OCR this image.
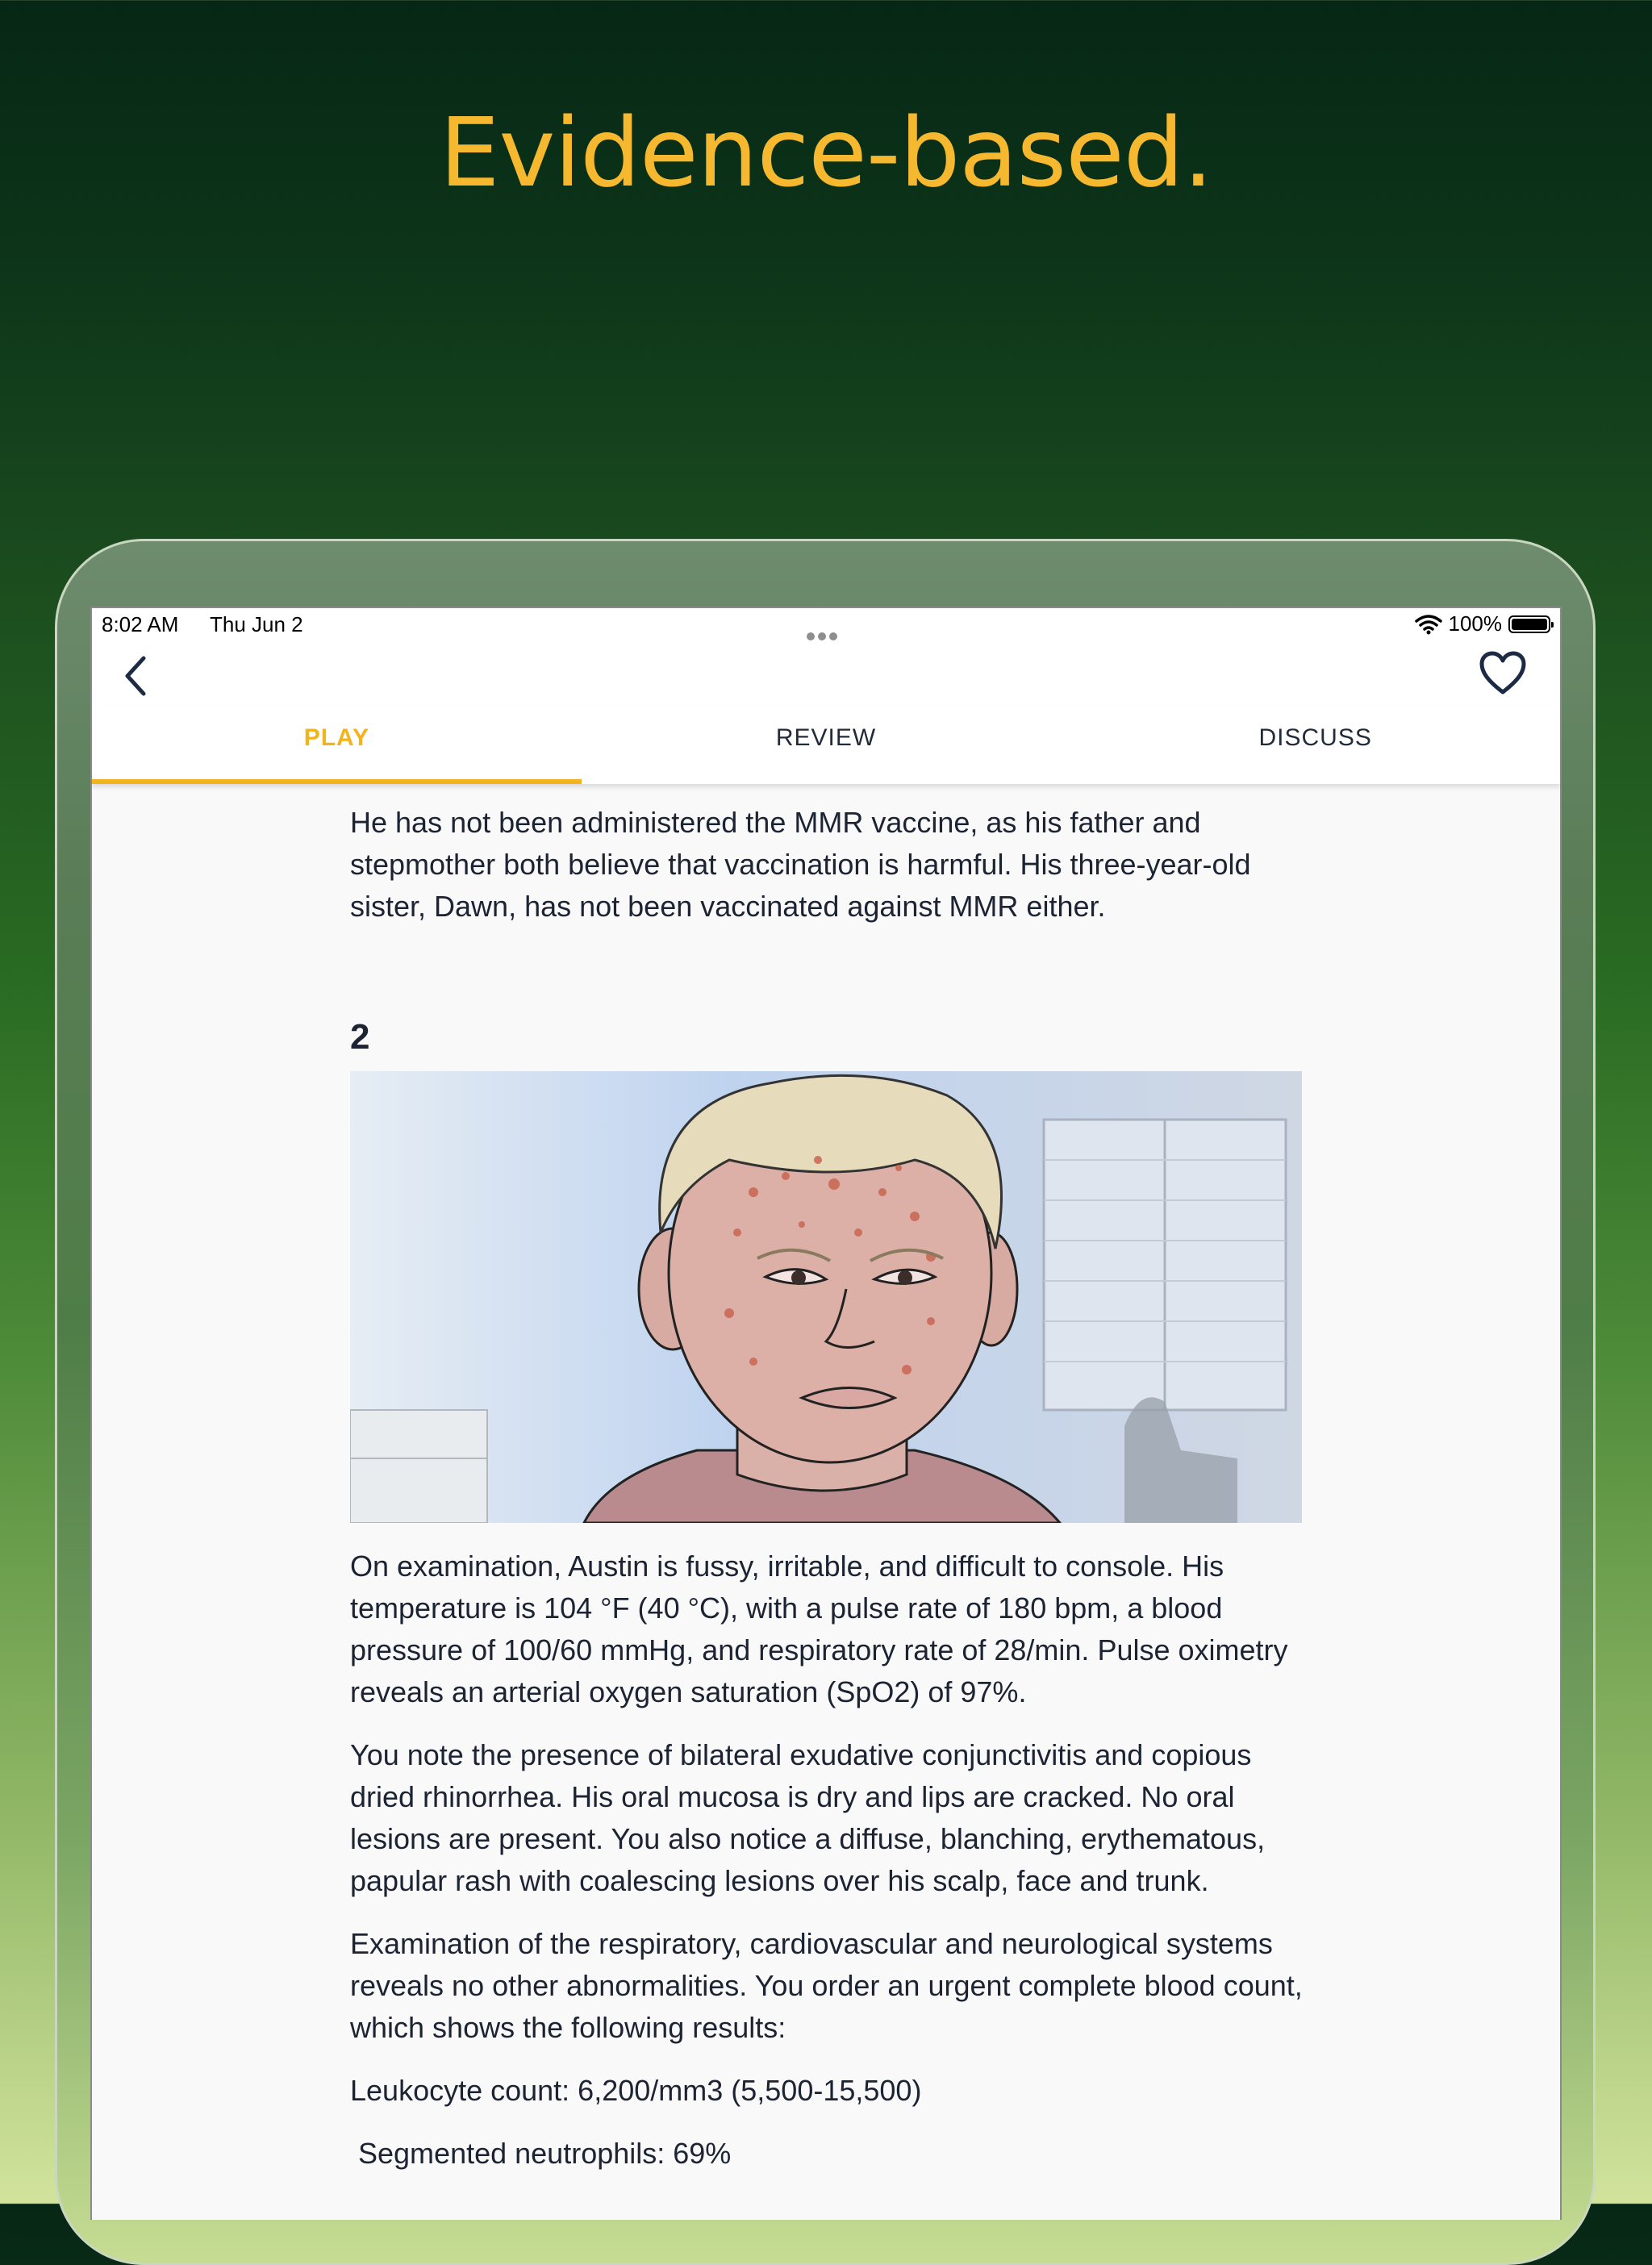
Evidence-based.
8:02 AM Thu Jun 2	100%
PLAY	REVIEW	DISCUSS

He has not been administered the MMR vaccine, as his father and stepmother both believe that vaccination is harmful. His three-year-old sister, Dawn, has not been vaccinated against MMR either.

2

On examination, Austin is fussy, irritable, and difficult to console. His temperature is 104 °F (40 °C), with a pulse rate of 180 bpm, a blood pressure of 100/60 mmHg, and respiratory rate of 28/min. Pulse oximetry reveals an arterial oxygen saturation (SpO2) of 97%.

You note the presence of bilateral exudative conjunctivitis and copious dried rhinorrhea. His oral mucosa is dry and lips are cracked. No oral lesions are present. You also notice a diffuse, blanching, erythematous, papular rash with coalescing lesions over his scalp, face and trunk.

Examination of the respiratory, cardiovascular and neurological systems reveals no other abnormalities. You order an urgent complete blood count, which shows the following results:

Leukocyte count: 6,200/mm3 (5,500-15,500)

Segmented neutrophils: 69%
